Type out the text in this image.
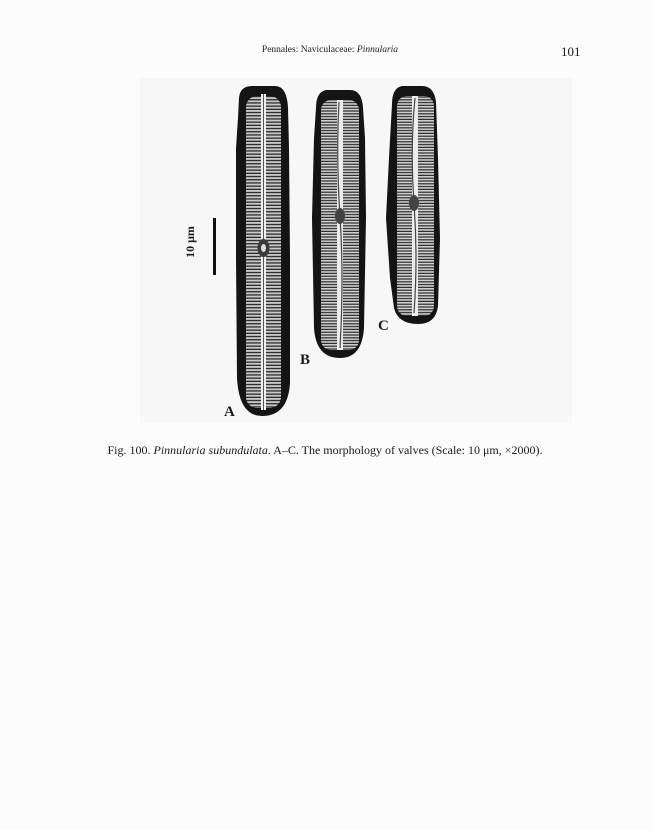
Pennales: Naviculaceae: Pinnularia	101
10 μm
A
B
C
Fig. 100. Pinnularia subundulata. A–C. The morphology of valves (Scale: 10 μm, ×2000).
